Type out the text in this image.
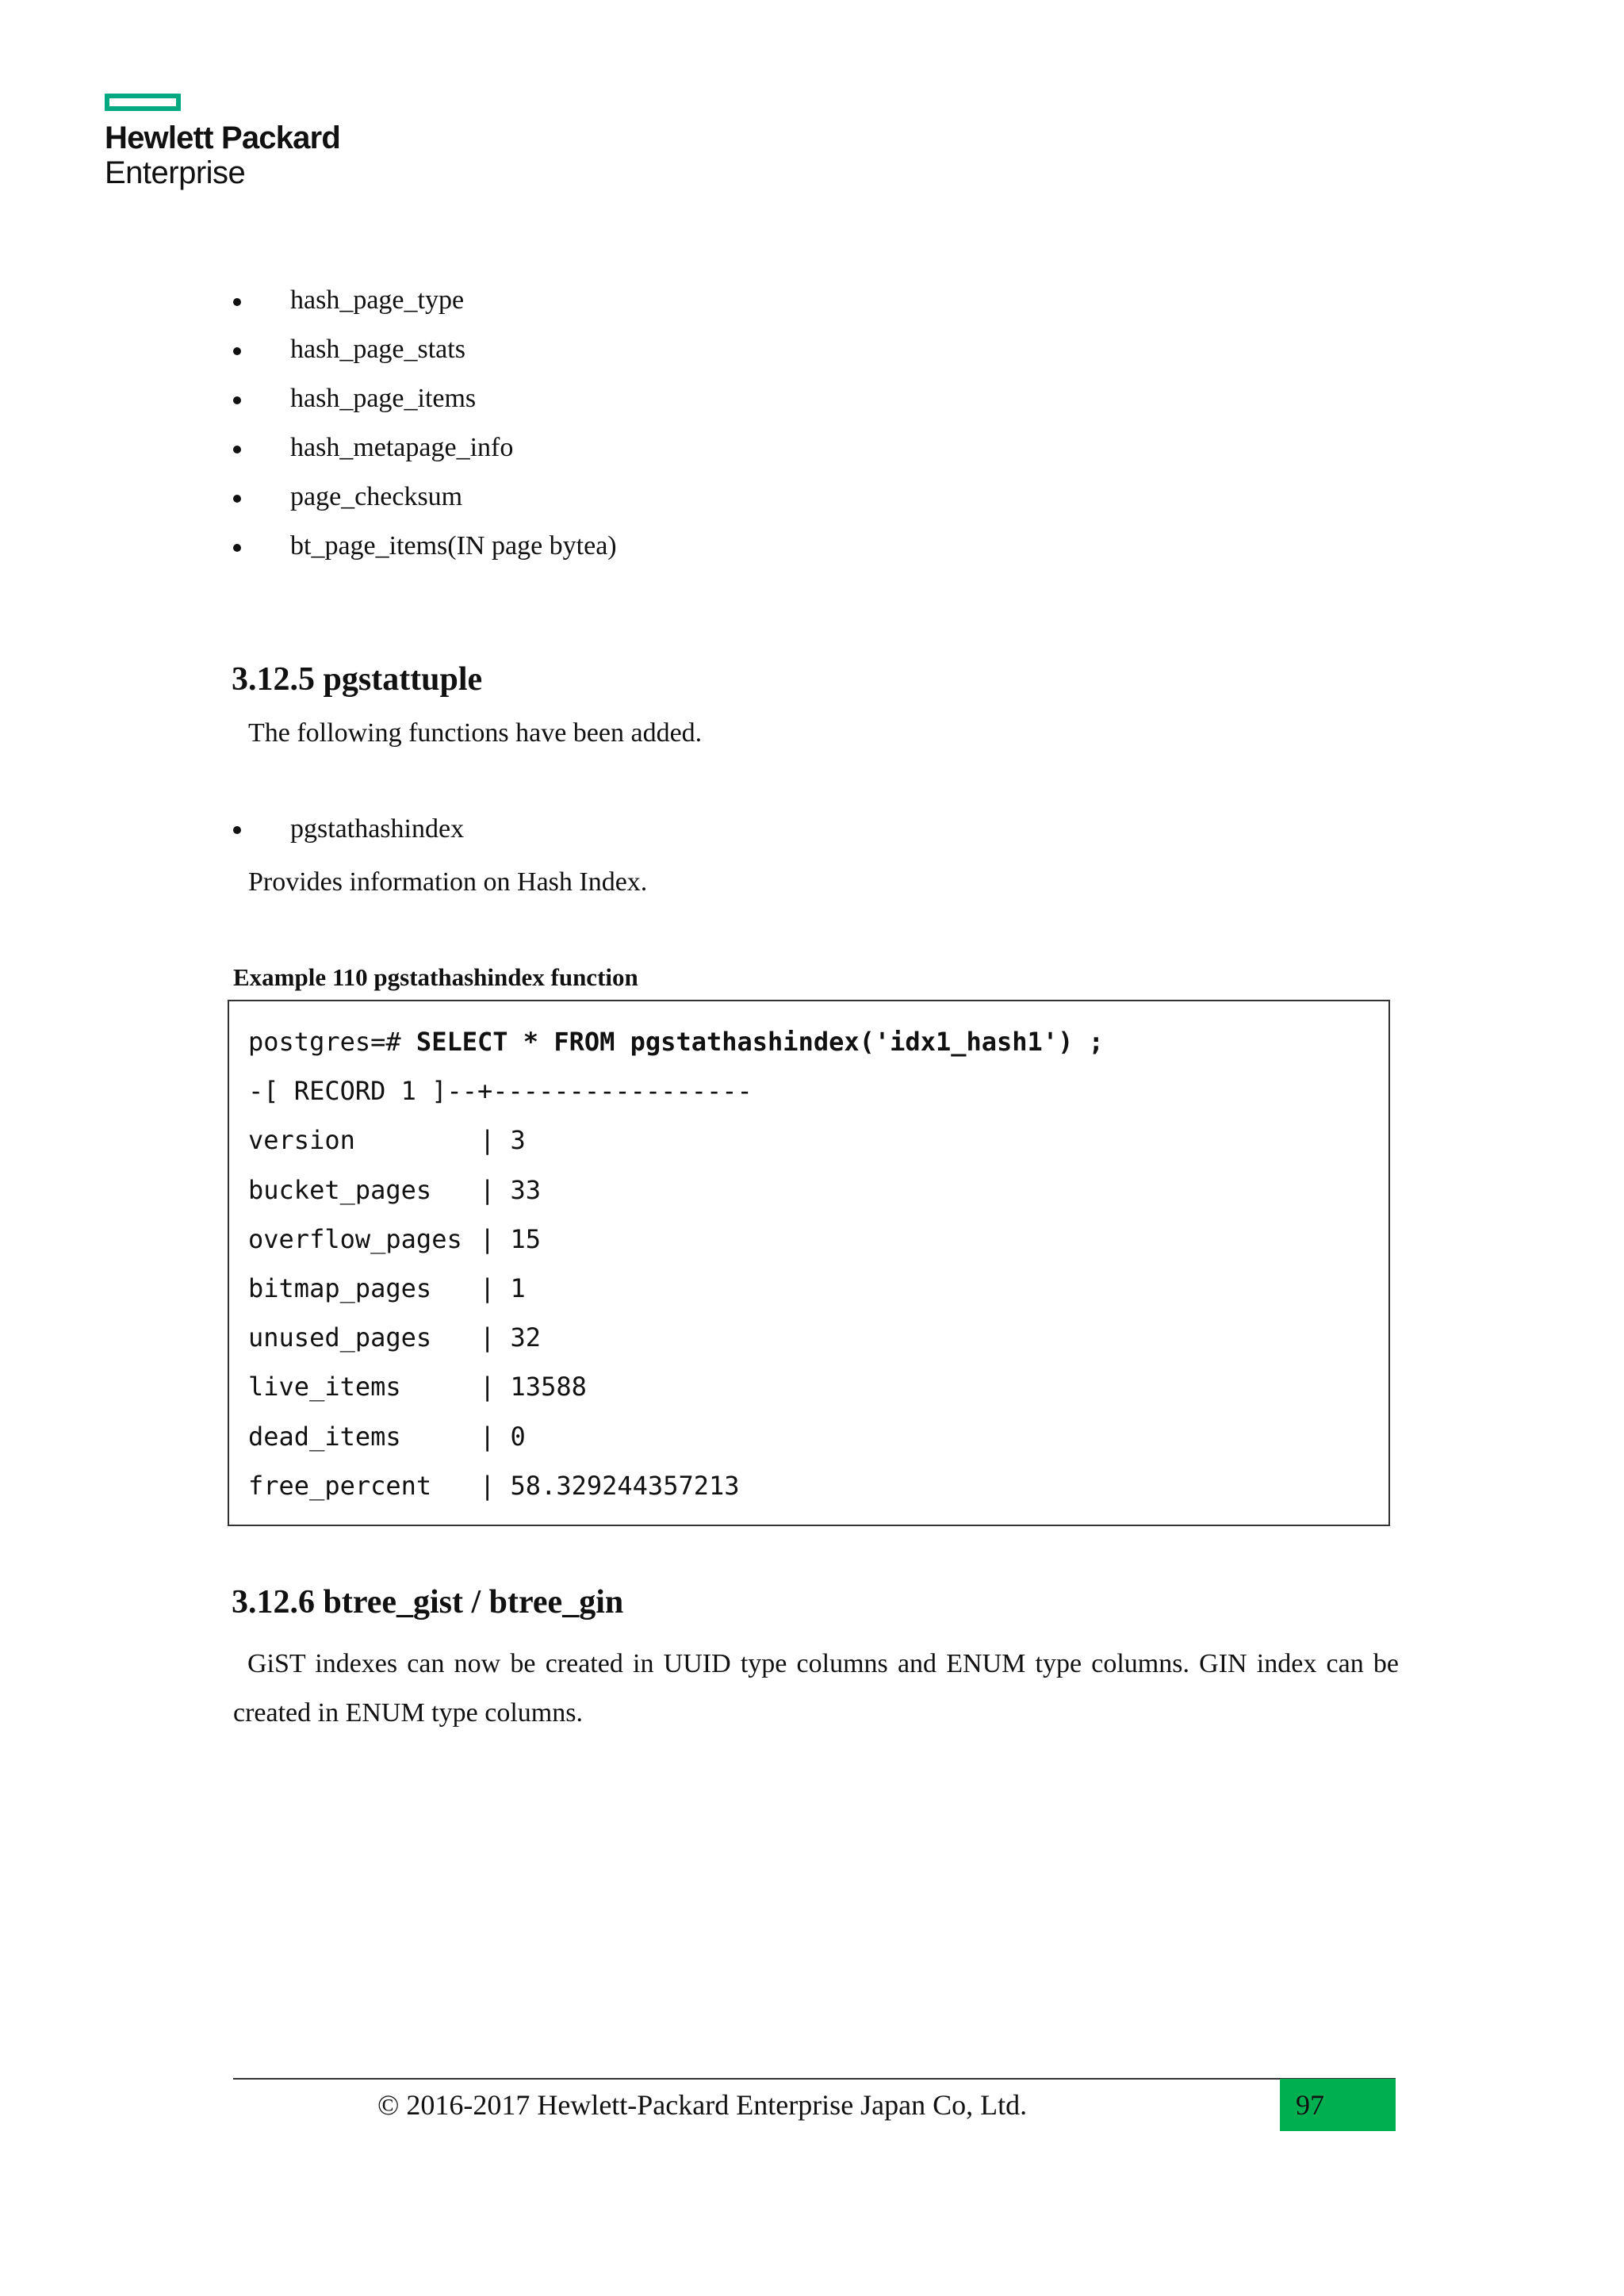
Hewlett Packard
Enterprise
hash_page_type
hash_page_stats
hash_page_items
hash_metapage_info
page_checksum
bt_page_items(IN page bytea)
3.12.5 pgstattuple
The following functions have been added.
pgstathashindex
Provides information on Hash Index.
Example 110 pgstathashindex function
postgres=# SELECT * FROM pgstathashindex('idx1_hash1') ;
-[ RECORD 1 ]--+-----------------
version	| 3
bucket_pages	| 33
overflow_pages | 15
bitmap_pages	| 1
unused_pages	| 32
live_items	| 13588
dead_items	| 0
free_percent	| 58.329244357213
3.12.6 btree_gist / btree_gin
GiST indexes can now be created in UUID type columns and ENUM type columns. GIN index can be created in ENUM type columns.
© 2016-2017 Hewlett-Packard Enterprise Japan Co, Ltd.	97
